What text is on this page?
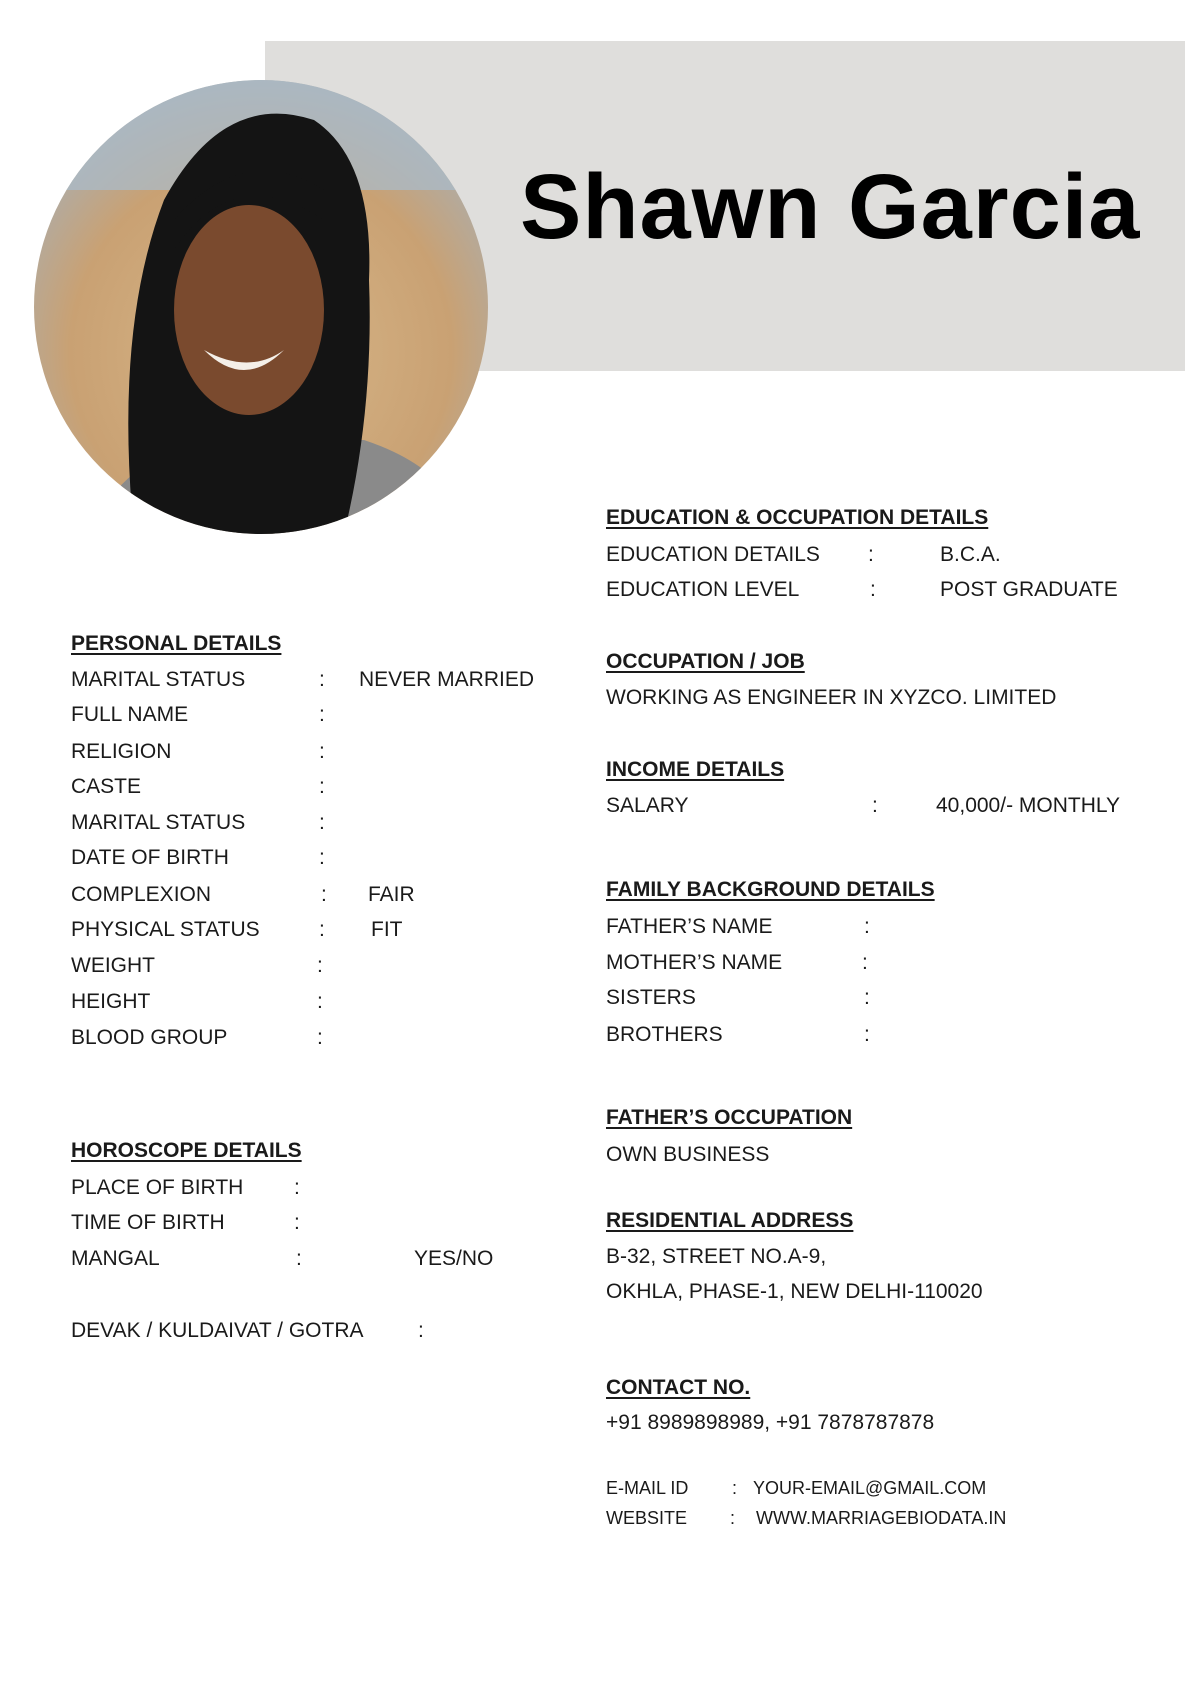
Shawn Garcia
EDUCATION & OCCUPATION DETAILS
EDUCATION DETAILS :	B.C.A.
EDUCATION LEVEL	:	POST GRADUATE
OCCUPATION / JOB
WORKING AS ENGINEER IN XYZCO. LIMITED
INCOME DETAILS
SALARY	:	40,000/- MONTHLY
FAMILY BACKGROUND DETAILS
FATHER’S NAME	:
MOTHER’S NAME	:
SISTERS	:
BROTHERS	:
FATHER’S OCCUPATION
OWN BUSINESS
RESIDENTIAL ADDRESS
B-32, STREET NO.A-9,
OKHLA, PHASE-1, NEW DELHI-110020
CONTACT NO.
+91 8989898989, +91 7878787878
E-MAIL ID : YOUR-EMAIL@GMAIL.COM
WEBSITE : WWW.MARRIAGEBIODATA.IN
PERSONAL DETAILS
MARITAL STATUS	: NEVER MARRIED
FULL NAME	:
RELIGION	:
CASTE	:
MARITAL STATUS	:
DATE OF BIRTH	:
COMPLEXION	: FAIR
PHYSICAL STATUS	: FIT
WEIGHT	:
HEIGHT	:
BLOOD GROUP	:
HOROSCOPE DETAILS
PLACE OF BIRTH :
TIME OF BIRTH	:
MANGAL	:	YES/NO
DEVAK / KULDAIVAT / GOTRA	:
